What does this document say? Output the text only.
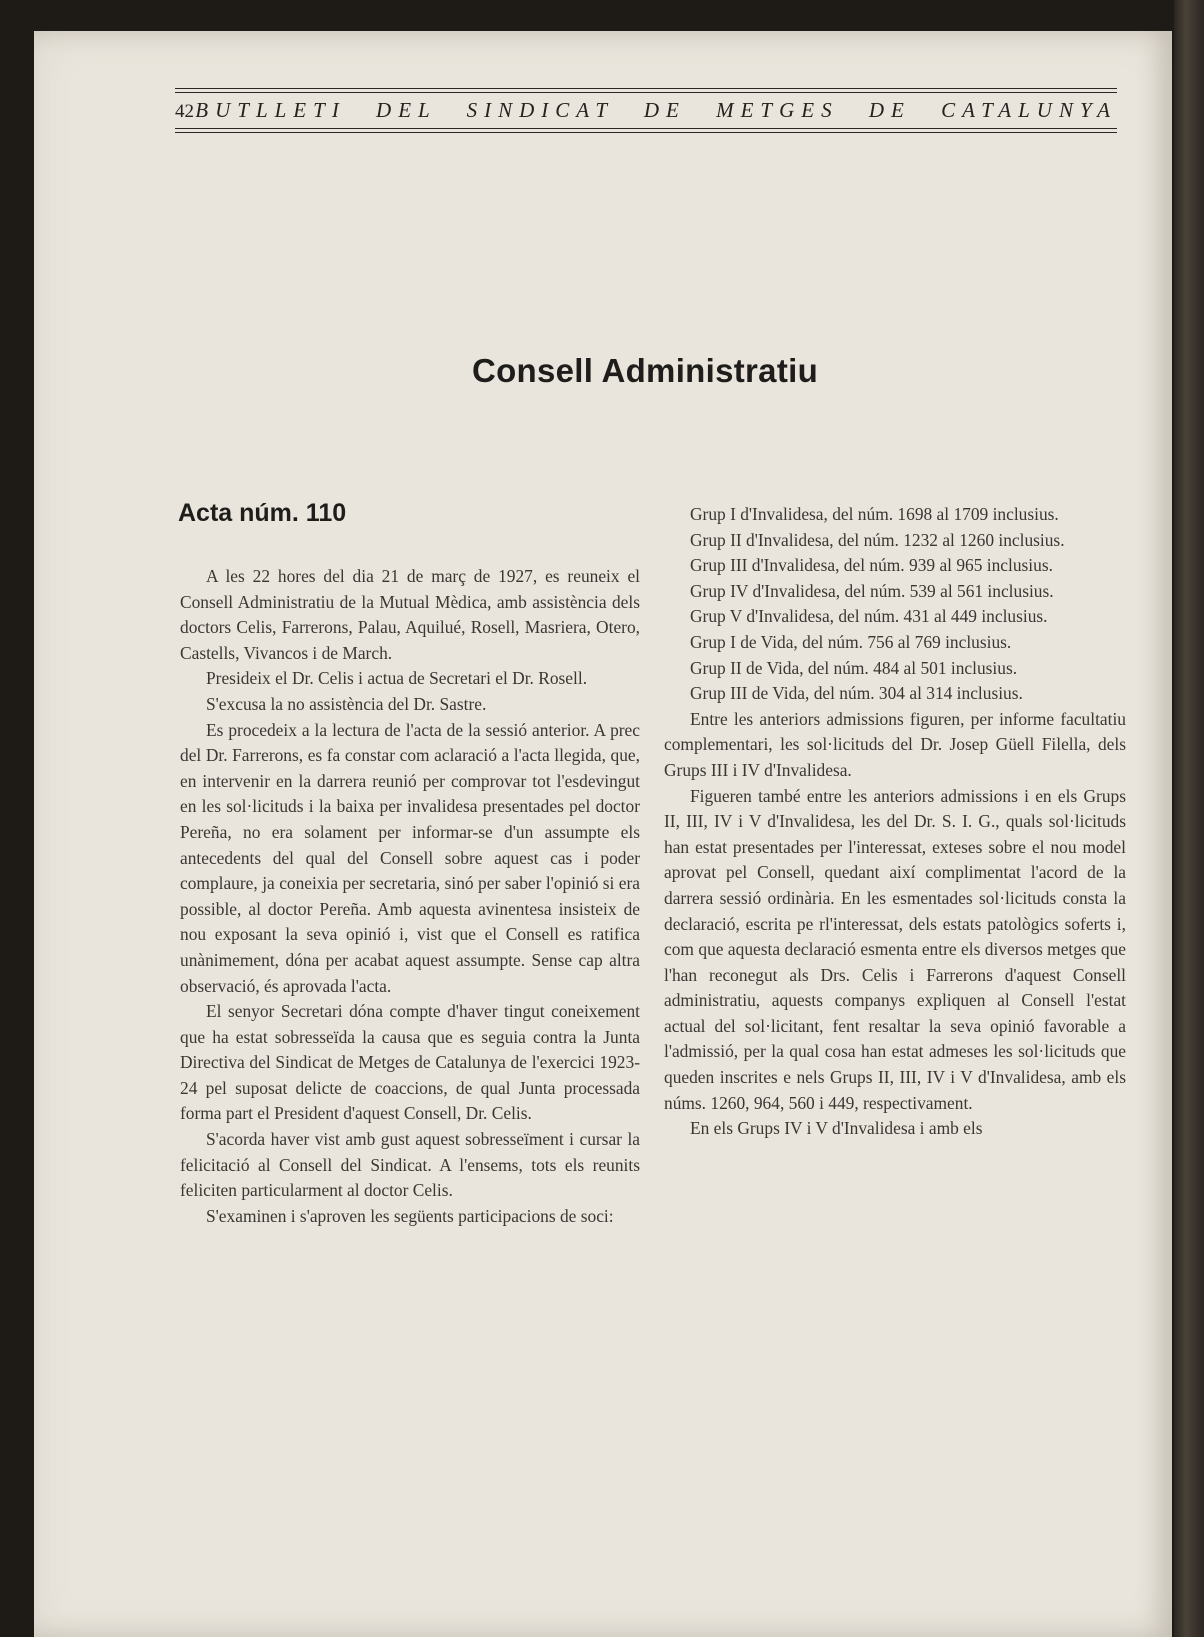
42 BUTLLETI DEL SINDICAT DE METGES DE CATALUNYA
Consell Administratiu
Acta núm. 110

A les 22 hores del dia 21 de març de 1927, es reuneix el Consell Administratiu de la Mutual Mèdica, amb assistència dels doctors Celis, Farrerons, Palau, Aquilué, Rosell, Masriera, Otero, Castells, Vivancos i de March.

Presideix el Dr. Celis i actua de Secretari el Dr. Rosell.

S'excusa la no assistència del Dr. Sastre.

Es procedeix a la lectura de l'acta de la sessió anterior. A prec del Dr. Farrerons, es fa constar com aclaració a l'acta llegida, que, en intervenir en la darrera reunió per comprovar tot l'esdevingut en les sol·licituds i la baixa per invalidesa presentades pel doctor Pereña, no era solament per informar-se d'un assumpte els antecedents del qual del Consell sobre aquest cas i poder complaure, ja coneixia per secretaria, sinó per saber l'opinió si era possible, al doctor Pereña. Amb aquesta avinentesa insisteix de nou exposant la seva opinió i, vist que el Consell es ratifica unànimement, dóna per acabat aquest assumpte. Sense cap altra observació, és aprovada l'acta.

El senyor Secretari dóna compte d'haver tingut coneixement que ha estat sobresseïda la causa que es seguia contra la Junta Directiva del Sindicat de Metges de Catalunya de l'exercici 1923-24 pel suposat delicte de coaccions, de qual Junta processada forma part el President d'aquest Consell, Dr. Celis.

S'acorda haver vist amb gust aquest sobresseïment i cursar la felicitació al Consell del Sindicat. A l'ensems, tots els reunits feliciten particularment al doctor Celis.

S'examinen i s'aproven les següents participacions de soci:

Grup I d'Invalidesa, del núm. 1698 al 1709 inclusius.

Grup II d'Invalidesa, del núm. 1232 al 1260 inclusius.

Grup III d'Invalidesa, del núm. 939 al 965 inclusius.

Grup IV d'Invalidesa, del núm. 539 al 561 inclusius.

Grup V d'Invalidesa, del núm. 431 al 449 inclusius.

Grup I de Vida, del núm. 756 al 769 inclusius.

Grup II de Vida, del núm. 484 al 501 inclusius.

Grup III de Vida, del núm. 304 al 314 inclusius.

Entre les anteriors admissions figuren, per informe facultatiu complementari, les sol·licituds del Dr. Josep Güell Filella, dels Grups III i IV d'Invalidesa.

Figueren també entre les anteriors admissions i en els Grups II, III, IV i V d'Invalidesa, les del Dr. S. I. G., quals sol·licituds han estat presentades per l'interessat, exteses sobre el nou model aprovat pel Consell, quedant així complimentat l'acord de la darrera sessió ordinària. En les esmentades sol·licituds consta la declaració, escrita pe rl'interessat, dels estats patològics soferts i, com que aquesta declaració esmenta entre els diversos metges que l'han reconegut als Drs. Celis i Farrerons d'aquest Consell administratiu, aquests companys expliquen al Consell l'estat actual del sol·licitant, fent resaltar la seva opinió favorable a l'admissió, per la qual cosa han estat admeses les sol·licituds que queden inscrites e nels Grups II, III, IV i V d'Invalidesa, amb els núms. 1260, 964, 560 i 449, respectivament.

En els Grups IV i V d'Invalidesa i amb els
